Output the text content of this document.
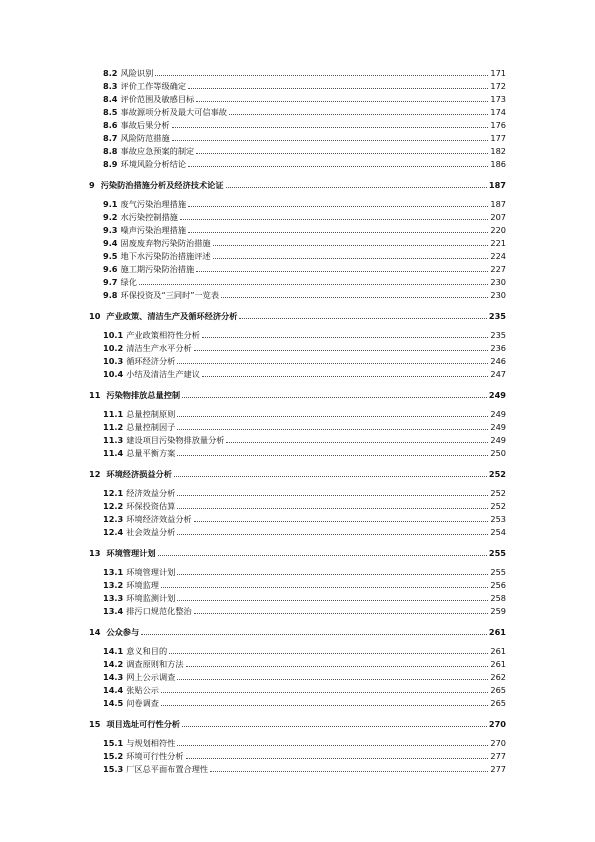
8.2 风险识别	171
8.3 评价工作等级确定	172
8.4 评价范围及敏感目标	173
8.5 事故源项分析及最大可信事故	174
8.6 事故后果分析	176
8.7 风险防范措施	177
8.8 事故应急预案的制定	182
8.9 环境风险分析结论	186
9 污染防治措施分析及经济技术论证	187
9.1 废气污染治理措施	187
9.2 水污染控制措施	207
9.3 噪声污染治理措施	220
9.4 固废废弃物污染防治措施	221
9.5 地下水污染防治措施评述	224
9.6 施工期污染防治措施	227
9.7 绿化	230
9.8 环保投资及“三同时”一览表	230
10 产业政策、清洁生产及循环经济分析	235
10.1 产业政策相符性分析	235
10.2 清洁生产水平分析	236
10.3 循环经济分析	246
10.4 小结及清洁生产建议	247
11 污染物排放总量控制	249
11.1 总量控制原则	249
11.2 总量控制因子	249
11.3 建设项目污染物排放量分析	249
11.4 总量平衡方案	250
12 环境经济损益分析	252
12.1 经济效益分析	252
12.2 环保投资估算	252
12.3 环境经济效益分析	253
12.4 社会效益分析	254
13 环境管理计划	255
13.1 环境管理计划	255
13.2 环境监理	256
13.3 环境监测计划	258
13.4 排污口规范化整治	259
14 公众参与	261
14.1 意义和目的	261
14.2 调查原则和方法	261
14.3 网上公示调查	262
14.4 张贴公示	265
14.5 问卷调查	265
15 项目选址可行性分析	270
15.1 与规划相符性	270
15.2 环境可行性分析	277
15.3 厂区总平面布置合理性	277
